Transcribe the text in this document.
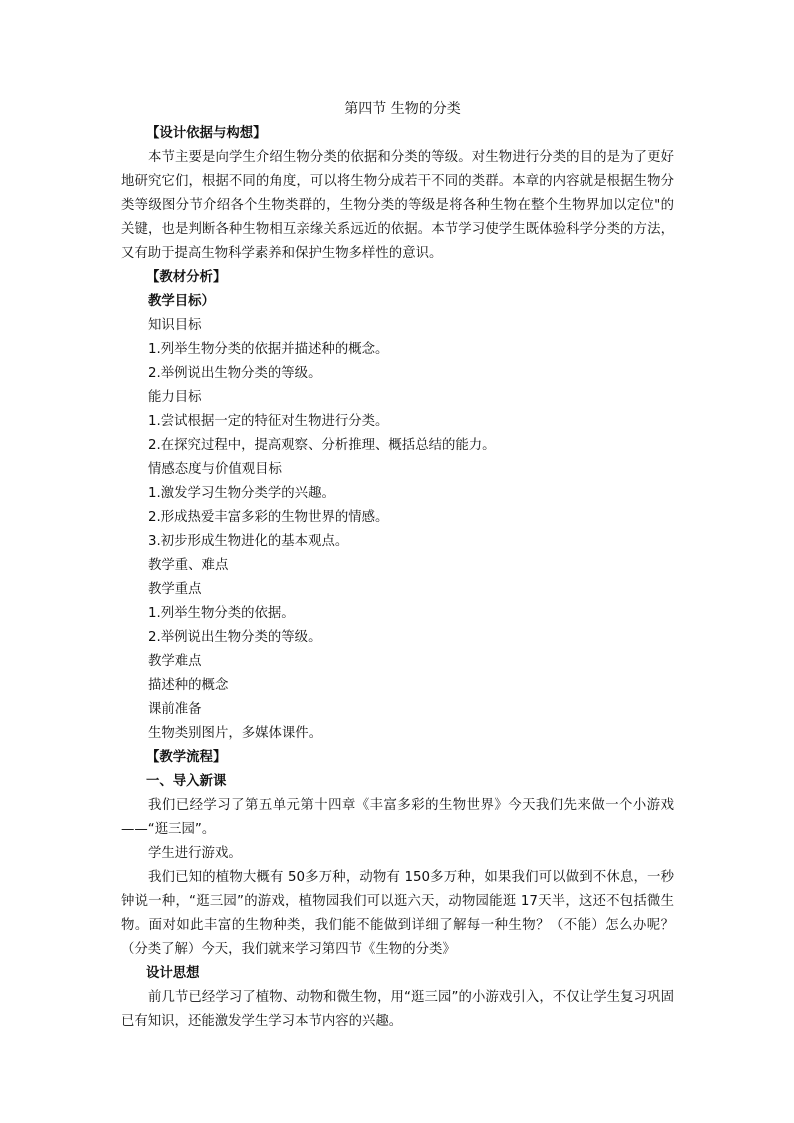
第四节 生物的分类
【设计依据与构想】
本节主要是向学生介绍生物分类的依据和分类的等级。对生物进行分类的目的是为了更好地研究它们，根据不同的角度，可以将生物分成若干不同的类群。本章的内容就是根据生物分类等级图分节介绍各个生物类群的，生物分类的等级是将各种生物在整个生物界加以定位"的关键，也是判断各种生物相互亲缘关系远近的依据。本节学习使学生既体验科学分类的方法，又有助于提高生物科学素养和保护生物多样性的意识。
【教材分析】
教学目标）
知识目标
1.列举生物分类的依据并描述种的概念。
2.举例说出生物分类的等级。
能力目标
1.尝试根据一定的特征对生物进行分类。
2.在探究过程中，提高观察、分析推理、概括总结的能力。
情感态度与价值观目标
1.激发学习生物分类学的兴趣。
2.形成热爱丰富多彩的生物世界的情感。
3.初步形成生物进化的基本观点。
教学重、难点
教学重点
1.列举生物分类的依据。
2.举例说出生物分类的等级。
教学难点
描述种的概念
课前准备
生物类别图片，多媒体课件。
【教学流程】
一、导入新课
我们已经学习了第五单元第十四章《丰富多彩的生物世界》今天我们先来做一个小游戏——“逛三园”。
学生进行游戏。
我们已知的植物大概有 50多万种，动物有 150多万种，如果我们可以做到不休息，一秒钟说一种，“逛三园”的游戏，植物园我们可以逛六天，动物园能逛 17天半，这还不包括微生物。面对如此丰富的生物种类，我们能不能做到详细了解每一种生物？（不能）怎么办呢？（分类了解）今天，我们就来学习第四节《生物的分类》
设计思想
前几节已经学习了植物、动物和微生物，用“逛三园”的小游戏引入，不仅让学生复习巩固已有知识，还能激发学生学习本节内容的兴趣。
